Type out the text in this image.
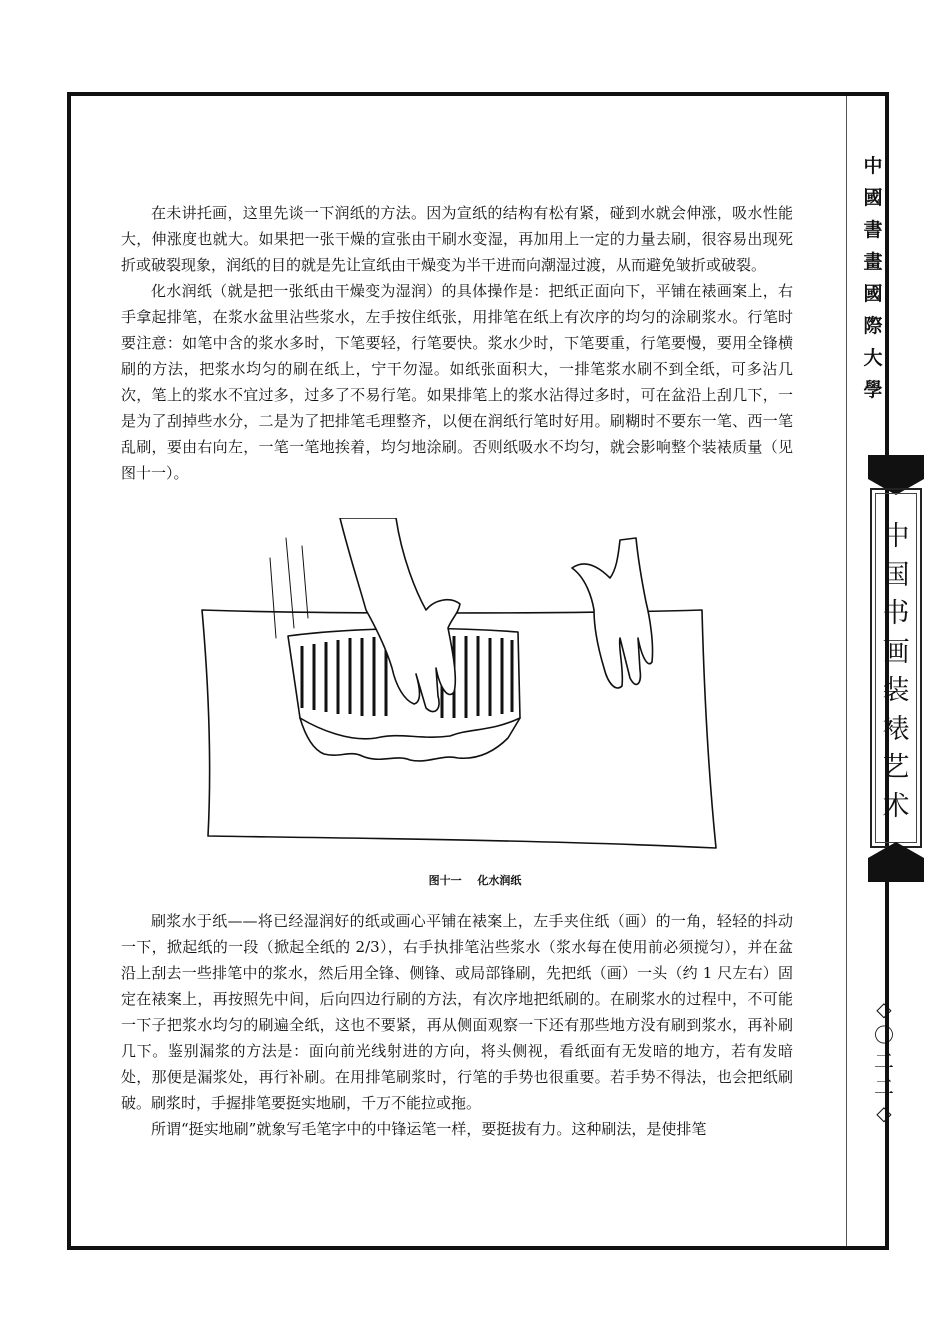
中
國
書
畫
國
際
大
學
中
国
书
画
装
裱
艺
术
◇
〇
二
二
◇

在未讲托画，这里先谈一下润纸的方法。因为宣纸的结构有松有紧，碰到水就会伸涨，吸水性能大，伸涨度也就大。如果把一张干燥的宣张由干刷水变湿，再加用上一定的力量去刷，很容易出现死折或破裂现象，润纸的目的就是先让宣纸由干燥变为半干进而向潮湿过渡，从而避免皱折或破裂。

化水润纸（就是把一张纸由干燥变为湿润）的具体操作是：把纸正面向下，平铺在裱画案上，右手拿起排笔，在浆水盆里沾些浆水，左手按住纸张，用排笔在纸上有次序的均匀的涂刷浆水。行笔时要注意：如笔中含的浆水多时，下笔要轻，行笔要快。浆水少时，下笔要重，行笔要慢，要用全锋横刷的方法，把浆水均匀的刷在纸上，宁干勿湿。如纸张面积大，一排笔浆水刷不到全纸，可多沾几次，笔上的浆水不宜过多，过多了不易行笔。如果排笔上的浆水沾得过多时，可在盆沿上刮几下，一是为了刮掉些水分，二是为了把排笔毛理整齐，以便在润纸行笔时好用。刷糊时不要东一笔、西一笔乱刷，要由右向左，一笔一笔地挨着，均匀地涂刷。否则纸吸水不均匀，就会影响整个装裱质量（见图十一）。

图十一 化水润纸

刷浆水于纸——将已经湿润好的纸或画心平铺在裱案上，左手夹住纸（画）的一角，轻轻的抖动一下，掀起纸的一段（掀起全纸的 2/3），右手执排笔沾些浆水（浆水每在使用前必须搅匀），并在盆沿上刮去一些排笔中的浆水，然后用全锋、侧锋、或局部锋刷，先把纸（画）一头（约 1 尺左右）固定在裱案上，再按照先中间，后向四边行刷的方法，有次序地把纸刷的。在刷浆水的过程中，不可能一下子把浆水均匀的刷遍全纸，这也不要紧，再从侧面观察一下还有那些地方没有刷到浆水，再补刷几下。鉴别漏浆的方法是：面向前光线射进的方向，将头侧视，看纸面有无发暗的地方，若有发暗处，那便是漏浆处，再行补刷。在用排笔刷浆时，行笔的手势也很重要。若手势不得法，也会把纸刷破。刷浆时，手握排笔要挺实地刷，千万不能拉或拖。

所谓“挺实地刷”就象写毛笔字中的中锋运笔一样，要挺拔有力。这种刷法，是使排笔
